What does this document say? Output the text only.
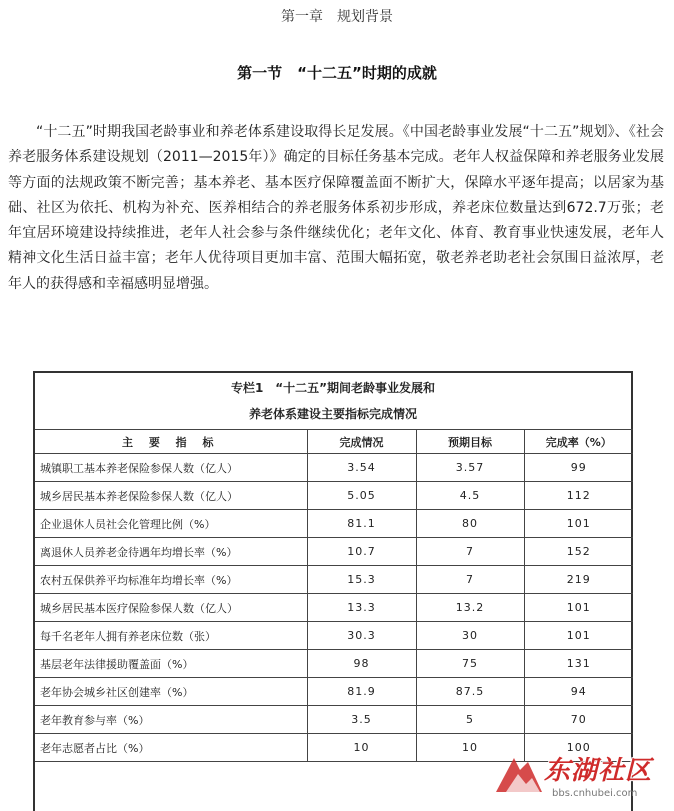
第一章　规划背景
第一节　“十二五”时期的成就

“十二五”时期我国老龄事业和养老体系建设取得长足发展。《中国老龄事业发展“十二五”规划》、《社会养老服务体系建设规划（2011—2015年）》确定的目标任务基本完成。老年人权益保障和养老服务业发展等方面的法规政策不断完善；基本养老、基本医疗保障覆盖面不断扩大，保障水平逐年提高；以居家为基础、社区为依托、机构为补充、医养相结合的养老服务体系初步形成，养老床位数量达到672.7万张；老年宜居环境建设持续推进，老年人社会参与条件继续优化；老年文化、体育、教育事业快速发展，老年人精神文化生活日益丰富；老年人优待项目更加丰富、范围大幅拓宽，敬老养老助老社会氛围日益浓厚，老年人的获得感和幸福感明显增强。

专栏1　“十二五”期间老龄事业发展和
养老体系建设主要指标完成情况
主 要 指 标	完成情况	预期目标	完成率（%）
城镇职工基本养老保险参保人数（亿人）	3.54	3.57	99
城乡居民基本养老保险参保人数（亿人）	5.05	4.5	112
企业退休人员社会化管理比例（%）	81.1	80	101
离退休人员养老金待遇年均增长率（%）	10.7	7	152
农村五保供养平均标准年均增长率（%）	15.3	7	219
城乡居民基本医疗保险参保人数（亿人）	13.3	13.2	101
每千名老年人拥有养老床位数（张）	30.3	30	101
基层老年法律援助覆盖面（%）	98	75	131
老年协会城乡社区创建率（%）	81.9	87.5	94
老年教育参与率（%）	3.5	5	70
老年志愿者占比（%）	10	10	100
东湖社区
bbs.cnhubei.com
